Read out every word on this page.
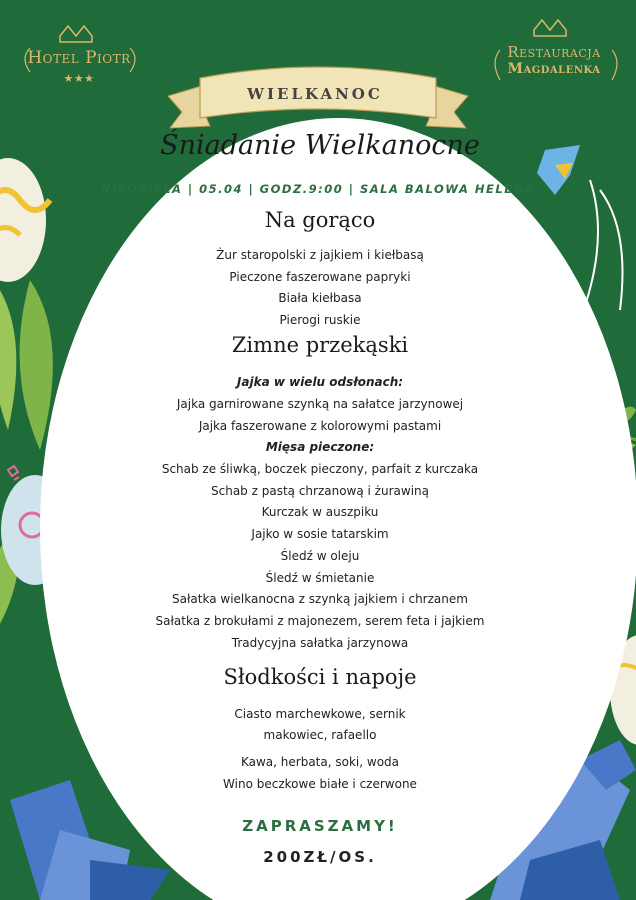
Hotel Piotr
★★★
Restauracja
Magdalenka
WIELKANOC
Śniadanie Wielkanocne
NIEDZIELA | 05.04 | GODZ.9:00 | SALA BALOWA HELENA
Na gorąco
Żur staropolski z jajkiem i kiełbasą
Pieczone faszerowane papryki
Biała kiełbasa
Pierogi ruskie
Zimne przekąski
Jajka w wielu odsłonach:
Jajka garnirowane szynką na sałatce jarzynowej
Jajka faszerowane z kolorowymi pastami
Mięsa pieczone:
Schab ze śliwką, boczek pieczony, parfait z kurczaka
Schab z pastą chrzanową i żurawiną
Kurczak w auszpiku
Jajko w sosie tatarskim
Śledź w oleju
Śledź w śmietanie
Sałatka wielkanocna z szynką jajkiem i chrzanem
Sałatka z brokułami z majonezem, serem feta i jajkiem
Tradycyjna sałatka jarzynowa
Słodkości i napoje
Ciasto marchewkowe, sernik
makowiec, rafaello
Kawa, herbata, soki, woda
Wino beczkowe białe i czerwone
ZAPRASZAMY!
200ZŁ/OS.
